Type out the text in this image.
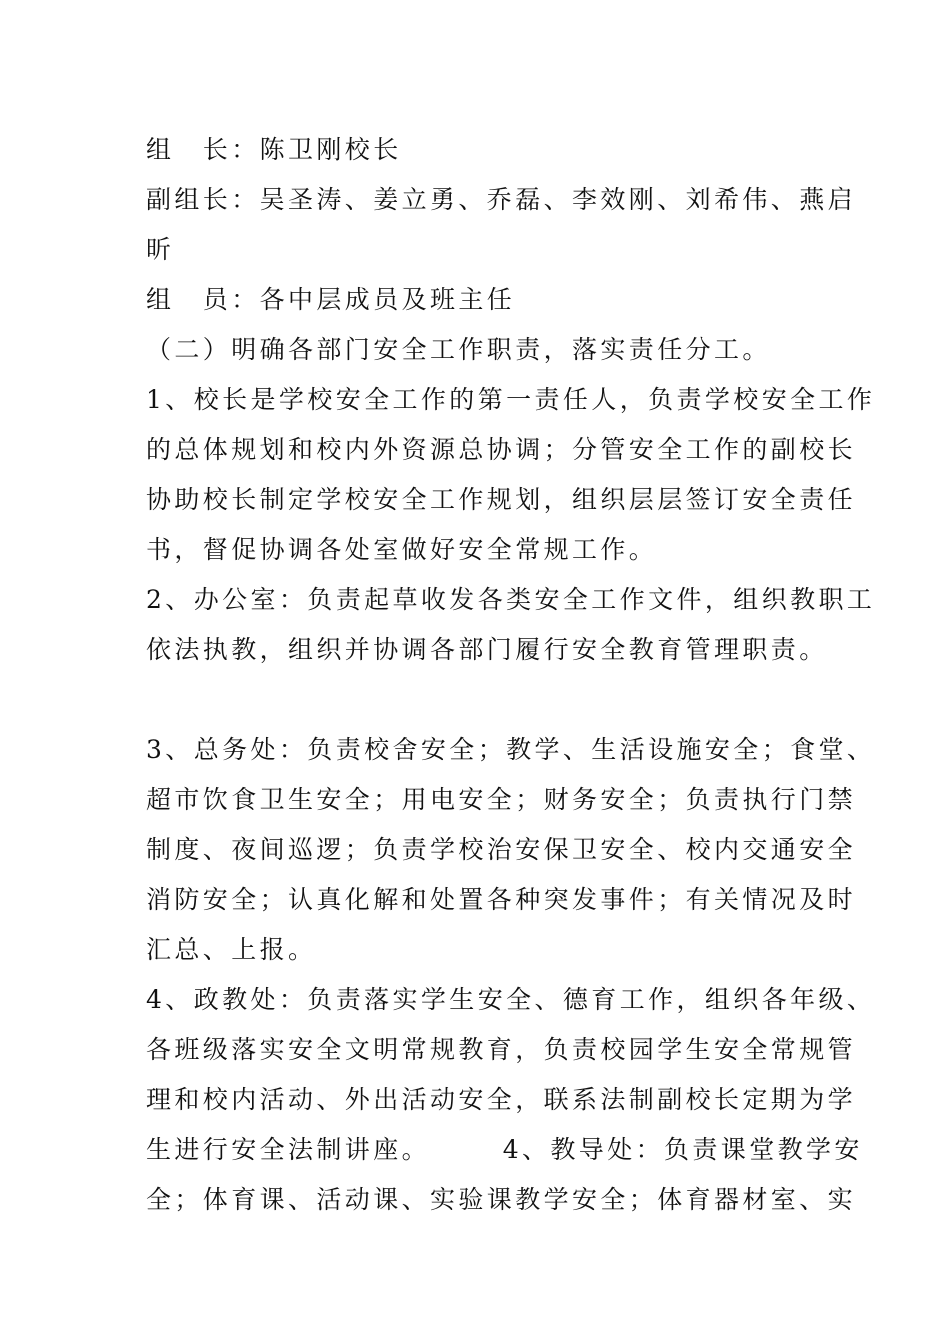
组　长：陈卫刚校长
副组长：吴圣涛、姜立勇、乔磊、李效刚、刘希伟、燕启
昕
组　员：各中层成员及班主任
（二）明确各部门安全工作职责，落实责任分工。
1、校长是学校安全工作的第一责任人，负责学校安全工作
的总体规划和校内外资源总协调；分管安全工作的副校长
协助校长制定学校安全工作规划，组织层层签订安全责任
书，督促协调各处室做好安全常规工作。
2、办公室：负责起草收发各类安全工作文件，组织教职工
依法执教，组织并协调各部门履行安全教育管理职责。
3、总务处：负责校舍安全；教学、生活设施安全；食堂、
超市饮食卫生安全；用电安全；财务安全；负责执行门禁
制度、夜间巡逻；负责学校治安保卫安全、校内交通安全
消防安全；认真化解和处置各种突发事件；有关情况及时
汇总、上报。
4、政教处：负责落实学生安全、德育工作，组织各年级、
各班级落实安全文明常规教育，负责校园学生安全常规管
理和校内活动、外出活动安全，联系法制副校长定期为学
生进行安全法制讲座。　　　4、教导处：负责课堂教学安
全；体育课、活动课、实验课教学安全；体育器材室、实
